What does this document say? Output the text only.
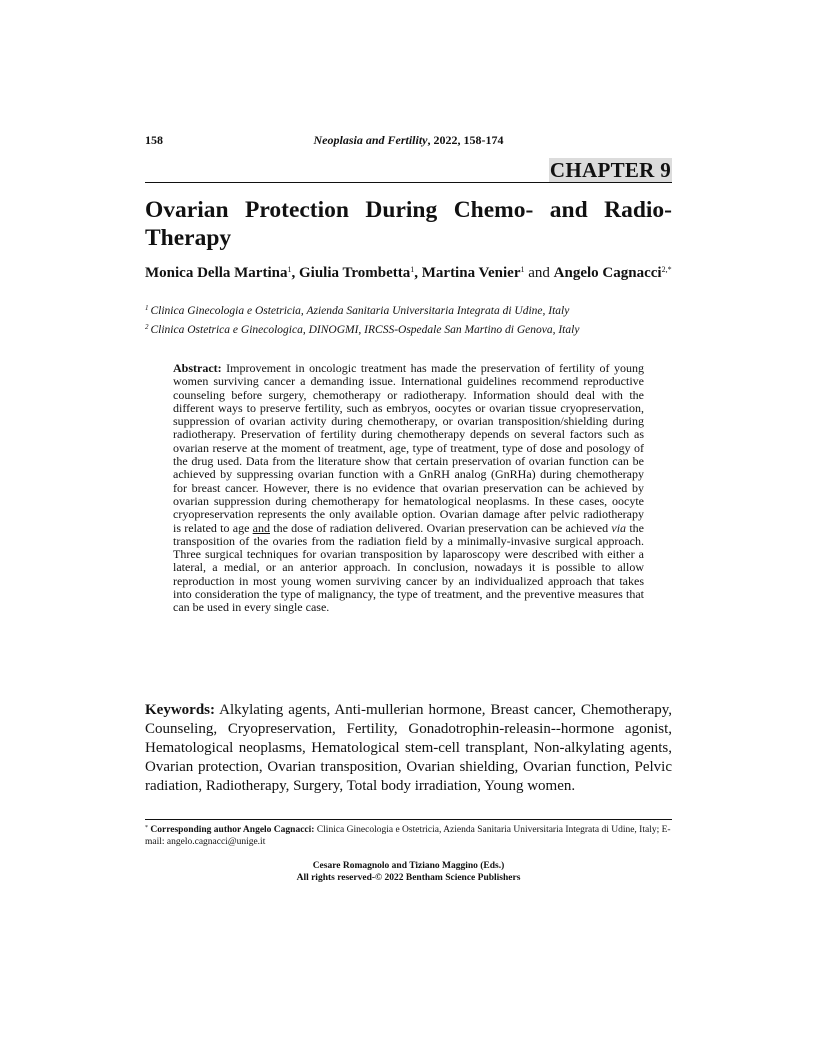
158	Neoplasia and Fertility, 2022, 158-174
CHAPTER 9
Ovarian Protection During Chemo- and Radio-Therapy
Monica Della Martina$^1$, Giulia Trombetta$^1$, Martina Venier$^1$ and Angelo Cagnacci$^{2,*}$
$^1$ Clinica Ginecologia e Ostetricia, Azienda Sanitaria Universitaria Integrata di Udine, Italy
$^2$ Clinica Ostetrica e Ginecologica, DINOGMI, IRCSS-Ospedale San Martino di Genova, Italy

Abstract: Improvement in oncologic treatment has made the preservation of fertility of young women surviving cancer a demanding issue. International guidelines recommend reproductive counseling before surgery, chemotherapy or radiotherapy. Information should deal with the different ways to preserve fertility, such as embryos, oocytes or ovarian tissue cryopreservation, suppression of ovarian activity during chemotherapy, or ovarian transposition/shielding during radiotherapy. Preservation of fertility during chemotherapy depends on several factors such as ovarian reserve at the moment of treatment, age, type of treatment, type of dose and posology of the drug used. Data from the literature show that certain preservation of ovarian function can be achieved by suppressing ovarian function with a GnRH analog (GnRHa) during chemotherapy for breast cancer. However, there is no evidence that ovarian preservation can be achieved by ovarian suppression during chemotherapy for hematological neoplasms. In these cases, oocyte cryopreservation represents the only available option. Ovarian damage after pelvic radiotherapy is related to age and the dose of radiation delivered. Ovarian preservation can be achieved via the transposition of the ovaries from the radiation field by a minimally-invasive surgical approach. Three surgical techniques for ovarian transposition by laparoscopy were described with either a lateral, a medial, or an anterior approach. In conclusion, nowadays it is possible to allow reproduction in most young women surviving cancer by an individualized approach that takes into consideration the type of malignancy, the type of treatment, and the preventive measures that can be used in every single case.

Keywords: Alkylating agents, Anti-mullerian hormone, Breast cancer, Chemotherapy, Counseling, Cryopreservation, Fertility, Gonadotrophin-releasin--hormone agonist, Hematological neoplasms, Hematological stem-cell transplant, Non-alkylating agents, Ovarian protection, Ovarian transposition, Ovarian shielding, Ovarian function, Pelvic radiation, Radiotherapy, Surgery, Total body irradiation, Young women.

* Corresponding author Angelo Cagnacci: Clinica Ginecologia e Ostetricia, Azienda Sanitaria Universitaria Integrata di Udine, Italy; E-mail: angelo.cagnacci@unige.it

Cesare Romagnolo and Tiziano Maggino (Eds.)
All rights reserved-© 2022 Bentham Science Publishers
